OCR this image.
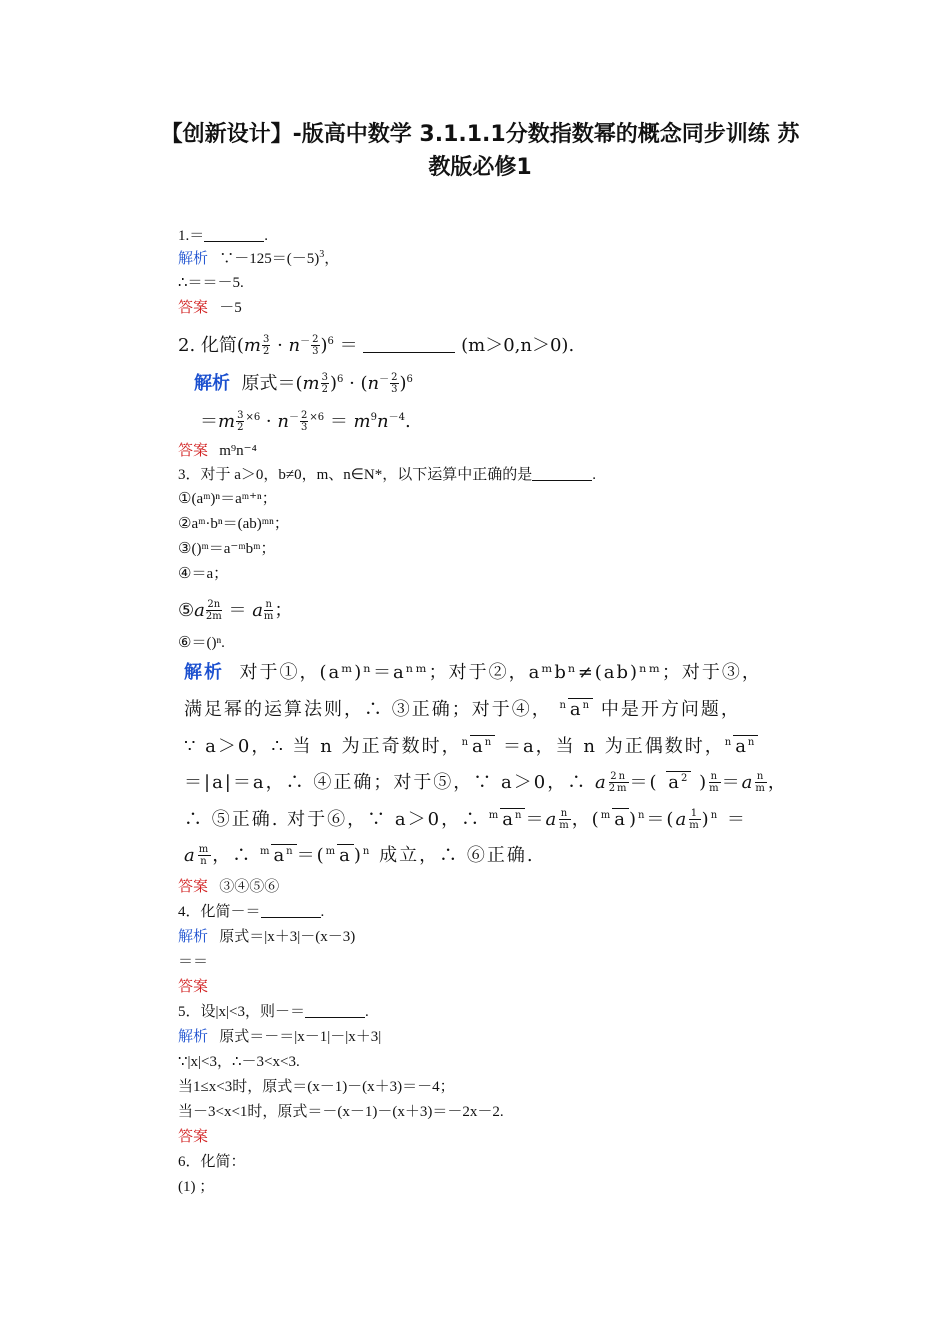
【创新设计】-版高中数学 3.1.1.1分数指数幂的概念同步训练 苏
教版必修1
1.＝	.
解析 $\because-125=(-5)^3$，
∴＝＝－5.
答案 －5
2. 化简$(m \frac{3}{2} \cdot n^- \frac{2}{3} )^6$ ＝	(m＞0,n＞0).
解析 原式$=(m \frac{3}{2} )^6 \cdot (n^- \frac{2}{3} )^6$
$=m \frac{3}{2} ^{\times 6} \cdot n^- \frac{2}{3} ^{\times 6} = m^9n^{-4}$.
答案 m⁹n⁻⁴
3．对于 a＞0，b≠0，m、n∈N*，以下运算中正确的是	.
①(aᵐ)ⁿ＝aᵐ⁺ⁿ；
②aᵐ·bⁿ＝(ab)ᵐⁿ；
③()ᵐ＝a⁻ᵐbᵐ；
④＝a；
⑤a $\frac{2n}{2m} = a \frac{n}{m}$ ；
⑥＝()ⁿ.
解析 对于①，(aᵐ)ⁿ＝aⁿᵐ；对于②，aᵐbⁿ≠(ab)ⁿᵐ；对于③，
满足幂的运算法则，∴ ③正确；对于④， $^n$ $a^n$ 中是开方问题，
∵ a＞0，∴ 当 n 为正奇数时，$^n$ $a^n =a$，当 n 为正偶数时，$^n$ $a^n$
＝|a|＝a，∴ ④正确；对于⑤，∵ a＞0，∴ a $\frac{2n}{2m}$ ＝( $a^2$ ) $\frac{n}{m} =a \frac{n}{m}$ ，
∴ ⑤正确. 对于⑥，∵ a＞0，∴ $^m$ $a^n =a \frac{n}{m}$ ，($^m$ a )$^n=(a \frac{1}{m} )^n$ ＝
a $\frac{m}{n}$ ，∴ $^m$ $a^n =(^m$ a )$^n$ 成立，∴ ⑥正确.
答案 ③④⑤⑥
4．化简－＝	.
解析 原式＝|x＋3|－(x－3)
＝＝
答案
5．设|x|<3，则－＝	.
解析 原式＝－＝|x－1|－|x＋3|
∵|x|<3，∴－3<x<3.
当1≤x<3时，原式＝(x－1)－(x＋3)＝－4；
当－3<x<1时，原式＝－(x－1)－(x＋3)＝－2x－2.
答案
6．化简：
(1) ；
